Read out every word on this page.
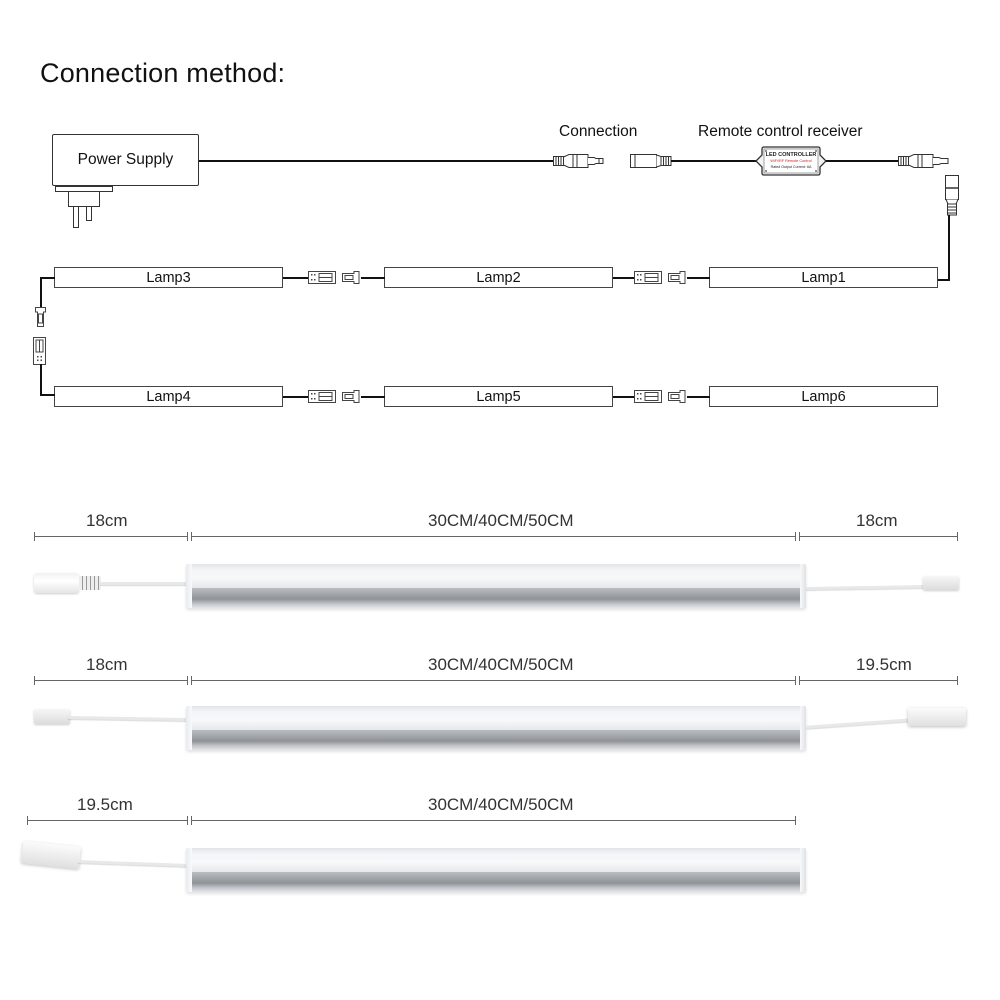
Connection method:
Power Supply
Connection	Remote control receiver
LED CONTROLLER
WiFi/RF Remote Control
Rated Output Current: 6A
Lamp1
Lamp2
Lamp3
Lamp4	Lamp5	Lamp6
18cm	30CM/40CM/50CM	18cm
18cm	30CM/40CM/50CM	19.5cm
19.5cm	30CM/40CM/50CM
